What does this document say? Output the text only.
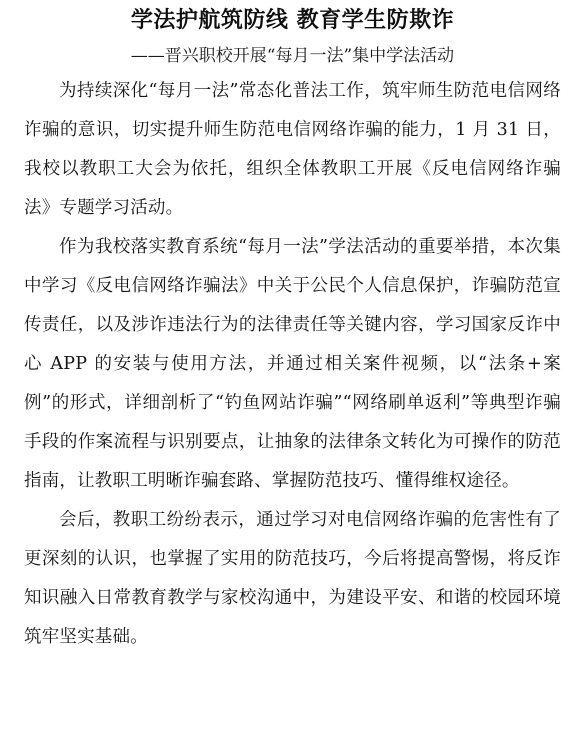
学法护航筑防线 教育学生防欺诈
——晋兴职校开展“每月一法”集中学法活动

为持续深化“每月一法”常态化普法工作，筑牢师生防范电信网络诈骗的意识，切实提升师生防范电信网络诈骗的能力，1 月 31 日，我校以教职工大会为依托，组织全体教职工开展《反电信网络诈骗法》专题学习活动。

作为我校落实教育系统“每月一法”学法活动的重要举措，本次集中学习《反电信网络诈骗法》中关于公民个人信息保护，诈骗防范宣传责任，以及涉诈违法行为的法律责任等关键内容，学习国家反诈中心 APP 的安装与使用方法，并通过相关案件视频，以“法条+案例”的形式，详细剖析了“钓鱼网站诈骗”“网络刷单返利”等典型诈骗手段的作案流程与识别要点，让抽象的法律条文转化为可操作的防范指南，让教职工明晰诈骗套路、掌握防范技巧、懂得维权途径。

会后，教职工纷纷表示，通过学习对电信网络诈骗的危害性有了更深刻的认识，也掌握了实用的防范技巧，今后将提高警惕，将反诈知识融入日常教育教学与家校沟通中，为建设平安、和谐的校园环境筑牢坚实基础。
